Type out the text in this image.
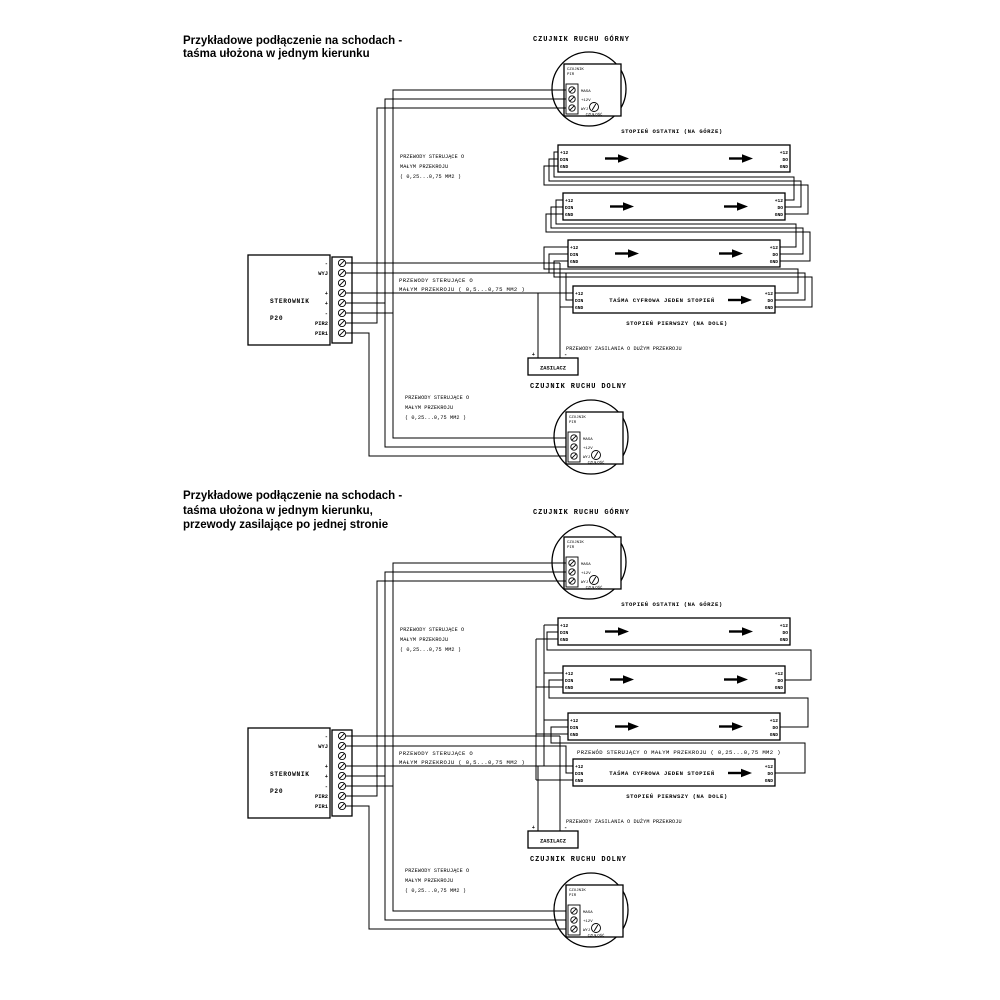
Przykładowe podłączenie na schodach -
taśma ułożona w jednym kierunku
CZUJNIK RUCHU GÓRNY
CZUJNIK RUCHU DOLNY
CZUJNIK
PIR
MASA
+12V
WYJ
CZUŁOŚĆ
CZUJNIK
PIR
MASA
+12V
WYJ
CZUŁOŚĆ
+12	+12
DIN	DO
GND	GND
+12	+12
DIN	DO
GND	GND
+12	+12
DIN	DO
GND	GND
+12	+12
DIN	DO
GND	GND
TAŚMA CYFROWA JEDEN STOPIEŃ
STOPIEŃ OSTATNI (NA GÓRZE)
STOPIEŃ PIERWSZY (NA DOLE)
STEROWNIK
P20
-
WYJ
+
+
-
PIR2
PIR1
ZASILACZ
+	-
PRZEWODY ZASILANIA O DUŻYM PRZEKROJU
PRZEWODY STERUJĄCE O
MAŁYM PRZEKROJU
( 0,25...0,75 MM2 )
PRZEWODY STERUJĄCE O
MAŁYM PRZEKROJU ( 0,5...0,75 MM2 )
PRZEWODY STERUJĄCE O
MAŁYM PRZEKROJU
( 0,25...0,75 MM2 )
Przykładowe podłączenie na schodach -
taśma ułożona w jednym kierunku,
przewody zasilające po jednej stronie
CZUJNIK RUCHU GÓRNY
CZUJNIK RUCHU DOLNY
CZUJNIK
PIR
MASA
+12V
WYJ
CZUŁOŚĆ
CZUJNIK
PIR
MASA
+12V
WYJ
CZUŁOŚĆ
+12	+12
DIN	DO
GND	GND
+12	+12
DIN	DO
GND	GND
+12	+12
DIN	DO
GND	GND
+12	+12
DIN	DO
GND	GND
TAŚMA CYFROWA JEDEN STOPIEŃ
STOPIEŃ OSTATNI (NA GÓRZE)
STOPIEŃ PIERWSZY (NA DOLE)
STEROWNIK
P20
-
WYJ
+
+
-
PIR2
PIR1
ZASILACZ
+	-
PRZEWODY ZASILANIA O DUŻYM PRZEKROJU
PRZEWODY STERUJĄCE O
MAŁYM PRZEKROJU
( 0,25...0,75 MM2 )
PRZEWODY STERUJĄCE O
MAŁYM PRZEKROJU ( 0,5...0,75 MM2 )
PRZEWODY STERUJĄCE O
MAŁYM PRZEKROJU
( 0,25...0,75 MM2 )
PRZEWÓD STERUJĄCY O MAŁYM PRZEKROJU ( 0,25...0,75 MM2 )
